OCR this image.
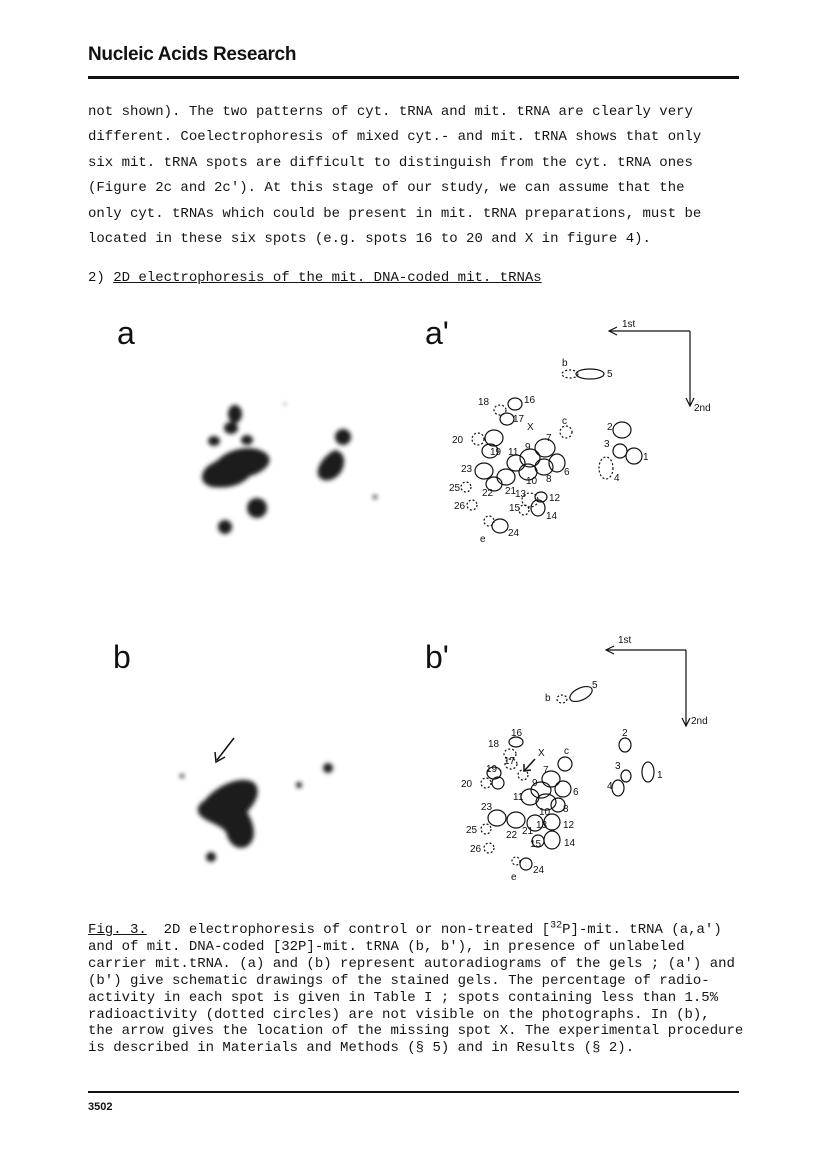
Nucleic Acids Research
not shown). The two patterns of cyt. tRNA and mit. tRNA are clearly very
different. Coelectrophoresis of mixed cyt.- and mit. tRNA shows that only
six mit. tRNA spots are difficult to distinguish from the cyt. tRNA ones
(Figure 2c and 2c'). At this stage of our study, we can assume that the
only cyt. tRNAs which could be present in mit. tRNA preparations, must be
located in these six spots (e.g. spots 16 to 20 and X in figure 4).
2) 2D electrophoresis of the mit. DNA-coded mit. tRNAs
a	a'
b	b'
1st
2nd
b
5
18	16
17
X
c
2
20	7
9
19 11
3
1
23
10 8
6
4
25 22 21
13 12
26	15
14
e
24
1st
2nd
5
b
2
16
18
X c
17
19	3
1
7
4
20	9
6
11
23	10 8
12
25	21
13
22
26	15 14
24
e
Fig. 3.  2D electrophoresis of control or non-treated [$^{32}$P]-mit. tRNA (a,a')
and of mit. DNA-coded [32P]-mit. tRNA (b, b'), in presence of unlabeled
carrier mit.tRNA. (a) and (b) represent autoradiograms of the gels ; (a') and
(b') give schematic drawings of the stained gels. The percentage of radio-
activity in each spot is given in Table I ; spots containing less than 1.5%
radioactivity (dotted circles) are not visible on the photographs. In (b),
the arrow gives the location of the missing spot X. The experimental procedure
is described in Materials and Methods (§ 5) and in Results (§ 2).
3502
